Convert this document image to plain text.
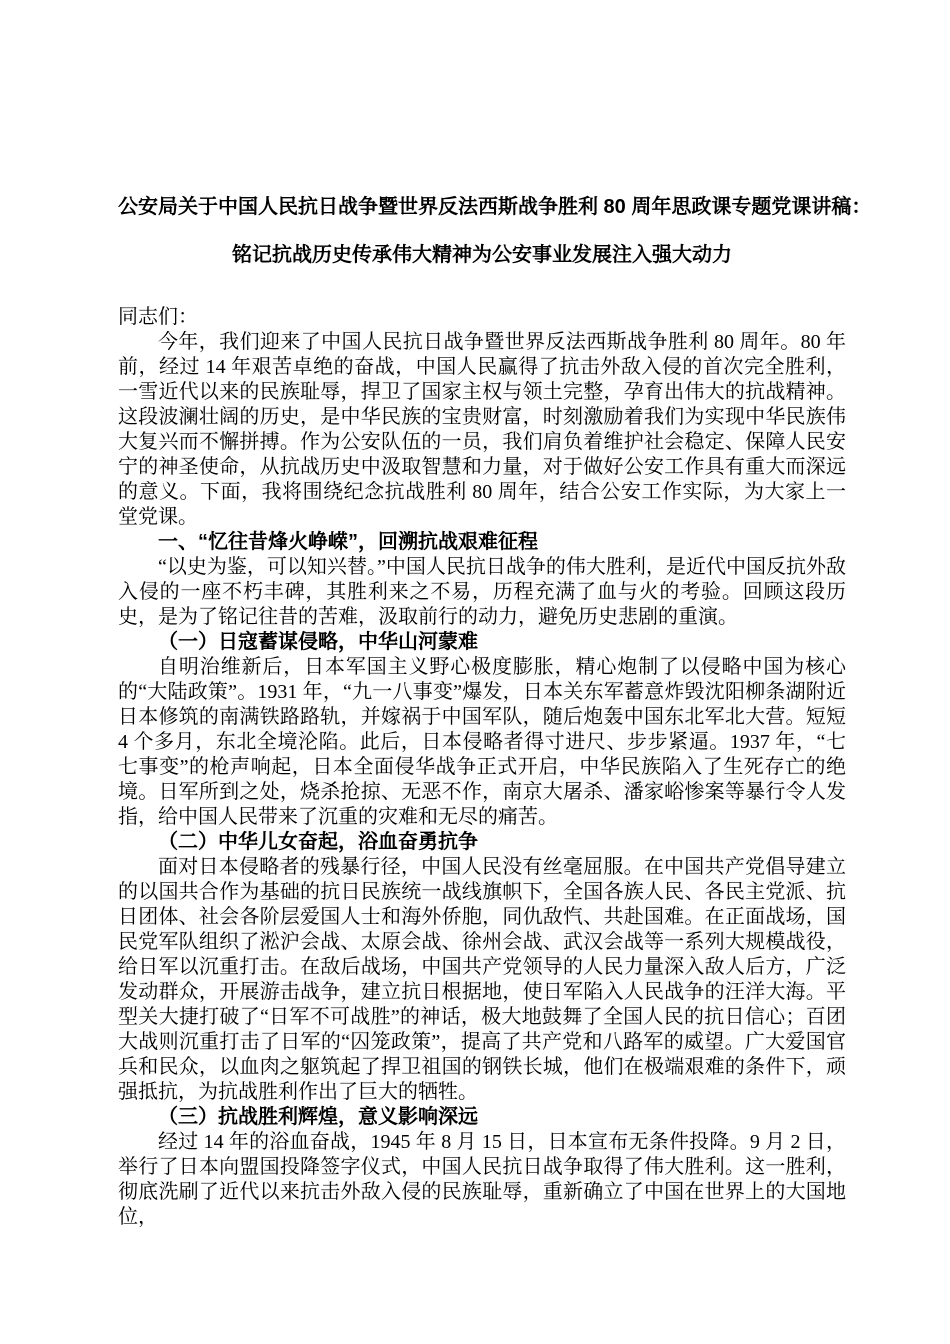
公安局关于中国人民抗日战争暨世界反法西斯战争胜利 80 周年思政课专题党课讲稿：
铭记抗战历史传承伟大精神为公安事业发展注入强大动力

同志们：

今年，我们迎来了中国人民抗日战争暨世界反法西斯战争胜利 80 周年。80 年前，经过 14 年艰苦卓绝的奋战，中国人民赢得了抗击外敌入侵的首次完全胜利，一雪近代以来的民族耻辱，捍卫了国家主权与领土完整，孕育出伟大的抗战精神。这段波澜壮阔的历史，是中华民族的宝贵财富，时刻激励着我们为实现中华民族伟大复兴而不懈拼搏。作为公安队伍的一员，我们肩负着维护社会稳定、保障人民安宁的神圣使命，从抗战历史中汲取智慧和力量，对于做好公安工作具有重大而深远的意义。下面，我将围绕纪念抗战胜利 80 周年，结合公安工作实际，为大家上一堂党课。

一、“忆往昔烽火峥嵘”，回溯抗战艰难征程

“以史为鉴，可以知兴替。”中国人民抗日战争的伟大胜利，是近代中国反抗外敌入侵的一座不朽丰碑，其胜利来之不易，历程充满了血与火的考验。回顾这段历史，是为了铭记往昔的苦难，汲取前行的动力，避免历史悲剧的重演。

（一）日寇蓄谋侵略，中华山河蒙难

自明治维新后，日本军国主义野心极度膨胀，精心炮制了以侵略中国为核心的“大陆政策”。1931 年，“九一八事变”爆发，日本关东军蓄意炸毁沈阳柳条湖附近日本修筑的南满铁路路轨，并嫁祸于中国军队，随后炮轰中国东北军北大营。短短 4 个多月，东北全境沦陷。此后，日本侵略者得寸进尺、步步紧逼。1937 年，“七七事变”的枪声响起，日本全面侵华战争正式开启，中华民族陷入了生死存亡的绝境。日军所到之处，烧杀抢掠、无恶不作，南京大屠杀、潘家峪惨案等暴行令人发指，给中国人民带来了沉重的灾难和无尽的痛苦。

（二）中华儿女奋起，浴血奋勇抗争

面对日本侵略者的残暴行径，中国人民没有丝毫屈服。在中国共产党倡导建立的以国共合作为基础的抗日民族统一战线旗帜下，全国各族人民、各民主党派、抗日团体、社会各阶层爱国人士和海外侨胞，同仇敌忾、共赴国难。在正面战场，国民党军队组织了淞沪会战、太原会战、徐州会战、武汉会战等一系列大规模战役，给日军以沉重打击。在敌后战场，中国共产党领导的人民力量深入敌人后方，广泛发动群众，开展游击战争，建立抗日根据地，使日军陷入人民战争的汪洋大海。平型关大捷打破了“日军不可战胜”的神话，极大地鼓舞了全国人民的抗日信心；百团大战则沉重打击了日军的“囚笼政策”，提高了共产党和八路军的威望。广大爱国官兵和民众，以血肉之躯筑起了捍卫祖国的钢铁长城，他们在极端艰难的条件下，顽强抵抗，为抗战胜利作出了巨大的牺牲。

（三）抗战胜利辉煌，意义影响深远

经过 14 年的浴血奋战，1945 年 8 月 15 日，日本宣布无条件投降。9 月 2 日，举行了日本向盟国投降签字仪式，中国人民抗日战争取得了伟大胜利。这一胜利，彻底洗刷了近代以来抗击外敌入侵的民族耻辱，重新确立了中国在世界上的大国地位，
